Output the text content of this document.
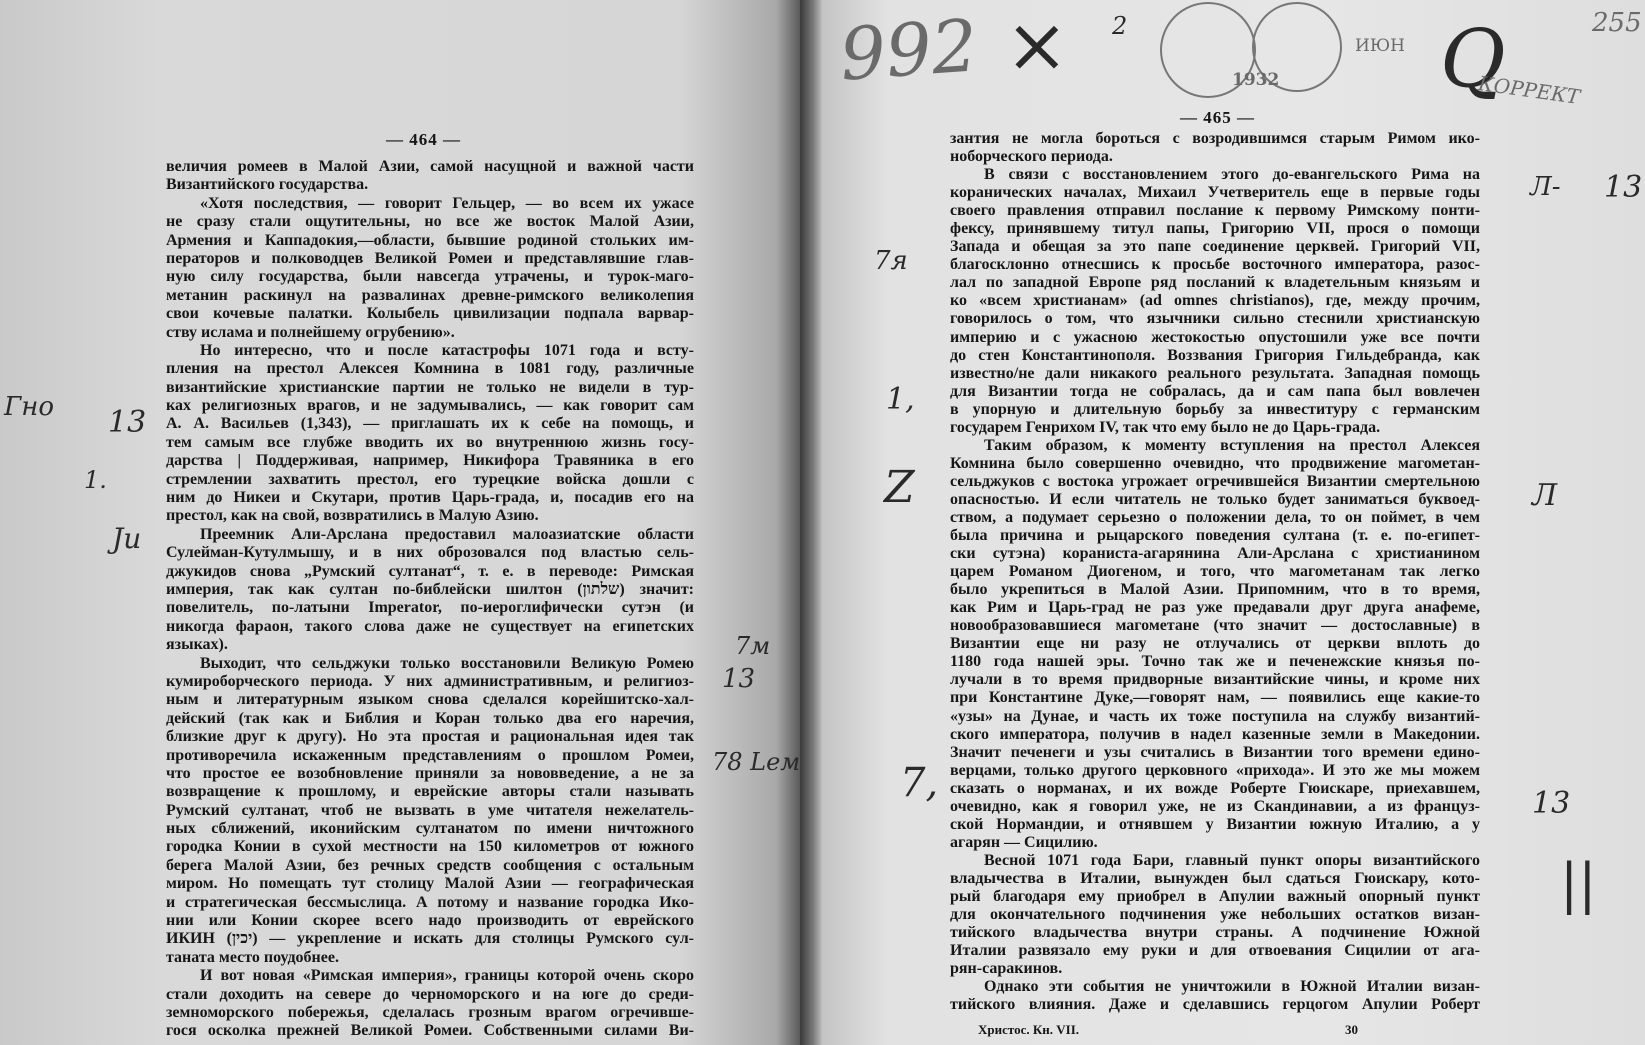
— 464 —
— 465 —
величия ромеев в Малой Азии, самой насущной и важной части
Византийского государства.
«Хотя последствия, — говорит Гельцер, — во всем их ужасе
не сразу стали ощутительны, но все же восток Малой Азии,
Армения и Каппадокия,—области, бывшие родиной стольких им-
ператоров и полководцев Великой Ромеи и представлявшие глав-
ную силу государства, были навсегда утрачены, и турок-маго-
метанин раскинул на развалинах древне-римского великолепия
свои кочевые палатки. Колыбель цивилизации подпала варвар-
ству ислама и полнейшему огрубению».
Но интересно, что и после катастрофы 1071 года и всту-
пления на престол Алексея Комнина в 1081 году, различные
византийские христианские партии не только не видели в тур-
ках религиозных врагов, и не задумывались, — как говорит сам
А. А. Васильев (1,343), — приглашать их к себе на помощь, и
тем самым все глубже вводить их во внутреннюю жизнь госу-
дарства | Поддерживая, например, Никифора Травяника в его
стремлении захватить престол, его турецкие войска дошли с
ним до Никеи и Скутари, против Царь-града, и, посадив его на
престол, как на свой, возвратились в Малую Азию.
Преемник Али-Арслана предоставил малоазиатские области
Сулейман-Кутулмышу, и в них оброзовался под властью сель-
джукидов снова „Румский султанат“, т. е. в переводе: Римская
империя, так как султан по-библейски шилтон (שלתון) значит:
повелитель, по-латыни Imperator, по-иероглифически сутэн (и
никогда фараон, такого слова даже не существует на египетских
языках).
Выходит, что сельджуки только восстановили Великую Ромею
кумироборческого периода. У них административным, и религиоз-
ным и литературным языком снова сделался корейшитско-хал-
дейский (так как и Библия и Коран только два его наречия,
близкие друг к другу). Но эта простая и рациональная идея так
противоречила искаженным представлениям о прошлом Ромеи,
что простое ее возобновление приняли за нововведение, а не за
возвращение к прошлому, и еврейские авторы стали называть
Румский султанат, чтоб не вызвать в уме читателя нежелатель-
ных сближений, иконийским султанатом по имени ничтожного
городка Конии в сухой местности на 150 километров от южного
берега Малой Азии, без речных средств сообщения с остальным
миром. Но помещать тут столицу Малой Азии — географическая
и стратегическая бессмыслица. А потому и название городка Ико-
нии или Конии скорее всего надо производить от еврейского
ИКИН (יכין) — укрепление и искать для столицы Румского сул-
таната место поудобнее.
И вот новая «Римская империя», границы которой очень скоро
стали доходить на севере до черноморского и на юге до среди-
земноморского побережья, сделалась грозным врагом огречивше-
гося осколка прежней Великой Ромеи. Собственными силами Ви-
зантия не могла бороться с возродившимся старым Римом ико-
ноборческого периода.
В связи с восстановлением этого до-евангельского Рима на
коранических началах, Михаил Учетверитель еще в первые годы
своего правления отправил послание к первому Римскому понти-
фексу, принявшему титул папы, Григорию VII, прося о помощи
Запада и обещая за это папе соединение церквей. Григорий VII,
благосклонно отнесшись к просьбе восточного императора, разос-
лал по западной Европе ряд посланий к владетельным князьям и
ко «всем христианам» (ad omnes christianos), где, между прочим,
говорилось о том, что язычники сильно стеснили христианскую
империю и с ужасною жестокостью опустошили уже все почти
до стен Константинополя. Воззвания Григория Гильдебранда, как
известно/не дали никакого реального результата. Западная помощь
для Византии тогда не собралась, да и сам папа был вовлечен
в упорную и длительную борьбу за инвеституру с германским
государем Генрихом IV, так что ему было не до Царь-града.
Таким образом, к моменту вступления на престол Алексея
Комнина было совершенно очевидно, что продвижение магометан-
сельджуков с востока угрожает огречившейся Византии смертельною
опасностью. И если читатель не только будет заниматься буквоед-
ством, а подумает серьезно о положении дела, то он поймет, в чем
была причина и рыцарского поведения султана (т. е. по-египет-
ски сутэна) кораниста-агарянина Али-Арслана с христианином
царем Романом Диогеном, и того, что магометанам так легко
было укрепиться в Малой Азии. Припомним, что в то время,
как Рим и Царь-град не раз уже предавали друг друга анафеме,
новообразовавшиеся магометане (что значит — достославные) в
Византии еще ни разу не отлучались от церкви вплоть до
1180 года нашей эры. Точно так же и печенежские князья по-
лучали в то время придворные византийские чины, и кроме них
при Константине Дуке,—говорят нам, — появились еще какие-то
«узы» на Дунае, и часть их тоже поступила на службу византий-
ского императора, получив в надел казенные земли в Македонии.
Значит печенеги и узы считались в Византии того времени едино-
верцами, только другого церковного «прихода». И это же мы можем
сказать о норманах, и их вожде Роберте Гюискаре, приехавшем,
очевидно, как я говорил уже, не из Скандинавии, а из француз-
ской Нормандии, и отнявшем у Византии южную Италию, а у
агарян — Сицилию.
Весной 1071 года Бари, главный пункт опоры византийского
владычества в Италии, вынужден был сдаться Гюискару, кото-
рый благодаря ему приобрел в Апулии важный опорный пункт
для окончательного подчинения уже небольших остатков визан-
тийского владычества внутри страны. А подчинение Южной
Италии развязало ему руки и для отвоевания Сицилии от ага-
рян-саракинов.
Однако эти события не уничтожили в Южной Италии визан-
тийского влияния. Даже и сделавшись герцогом Апулии Роберт
Христос. Кн. VII.	30
992 × 2
1932
ИЮН
255
Q
КОРРЕКТ
Гно 13
1.
Ju
7м
13
78 Lем
7я
1,
Z
7,
Л- 13
Л
13
||
